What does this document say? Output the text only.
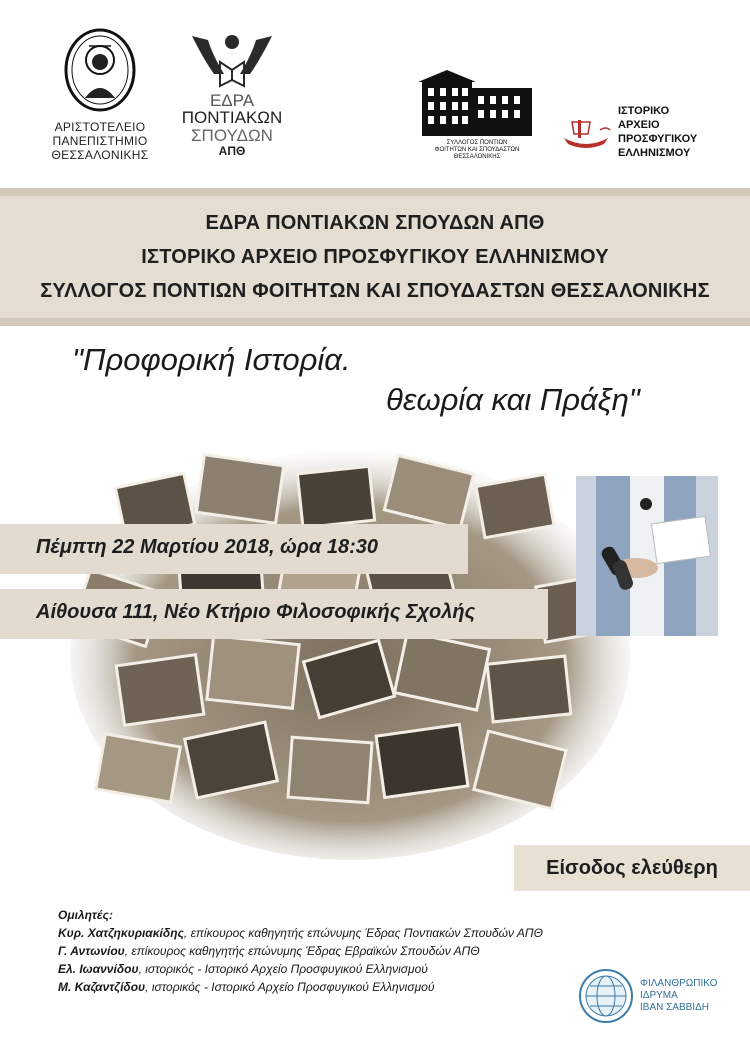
ΑΡΙΣΤΟΤΕΛΕΙΟ
ΠΑΝΕΠΙΣΤΗΜΙΟ
ΘΕΣΣΑΛΟΝΙΚΗΣ
ΕΔΡΑ
ΠΟΝΤΙΑΚΩΝ
ΣΠΟΥΔΩΝ
ΑΠΘ
ΣΥΛΛΟΓΟΣ ΠΟΝΤΙΩΝ
ΦΟΙΤΗΤΩΝ ΚΑΙ ΣΠΟΥΔΑΣΤΩΝ
ΘΕΣΣΑΛΟΝΙΚΗΣ
ΙΣΤΟΡΙΚΟ
ΑΡΧΕΙΟ
ΠΡΟΣΦΥΓΙΚΟΥ
ΕΛΛΗΝΙΣΜΟΥ
ΕΔΡΑ ΠΟΝΤΙΑΚΩΝ ΣΠΟΥΔΩΝ ΑΠΘ
ΙΣΤΟΡΙΚΟ ΑΡΧΕΙΟ ΠΡΟΣΦΥΓΙΚΟΥ ΕΛΛΗΝΙΣΜΟΥ
ΣΥΛΛΟΓΟΣ ΠΟΝΤΙΩΝ ΦΟΙΤΗΤΩΝ ΚΑΙ ΣΠΟΥΔΑΣΤΩΝ ΘΕΣΣΑΛΟΝΙΚΗΣ
"Προφορική Ιστορία.
θεωρία και Πράξη"
Πέμπτη 22 Μαρτίου 2018, ώρα 18:30
Αίθουσα 111, Νέο Κτήριο Φιλοσοφικής Σχολής
Είσοδος ελεύθερη
Ομιλητές:
Κυρ. Χατζηκυριακίδης, επίκουρος καθηγητής επώνυμης Έδρας Ποντιακών Σπουδών ΑΠΘ
Γ. Αντωνίου, επίκουρος καθηγητής επώνυμης Έδρας Εβραϊκών Σπουδών ΑΠΘ
Ελ. Ιωαννίδου, ιστορικός - Ιστορικό Αρχείο Προσφυγικού Ελληνισμού
Μ. Καζαντζίδου, ιστορικός - Ιστορικό Αρχείο Προσφυγικού Ελληνισμού	ΦΙΛΑΝΘΡΩΠΙΚΟ
ΙΔΡΥΜΑ
ΙΒΑΝ ΣΑΒΒΙΔΗ
